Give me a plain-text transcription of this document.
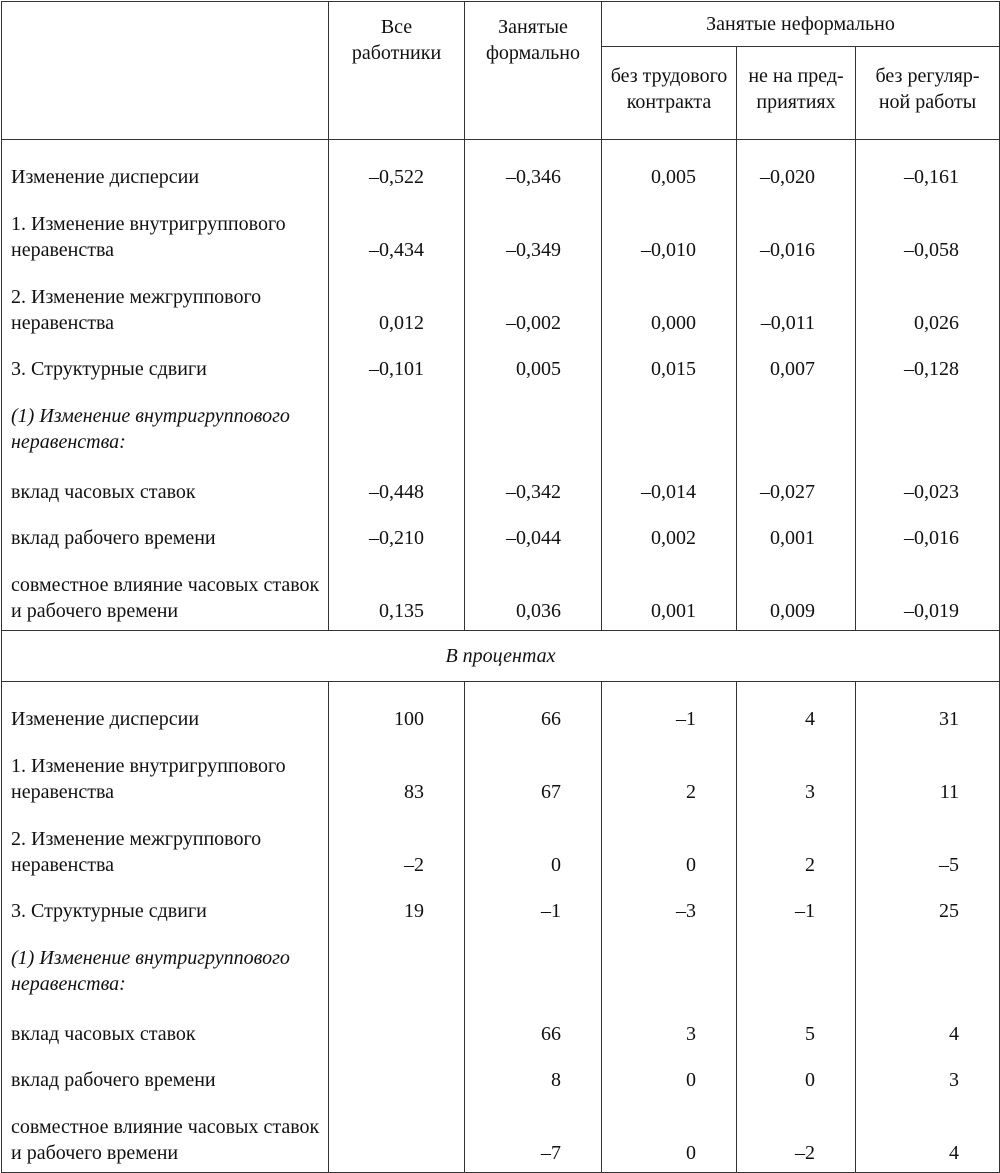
	Все работники	Занятые формально	Занятые неформально		
			без трудового контракта	не на пред-приятиях	без регуляр-ной работы
Изменение дисперсии	–0,522	–0,346	0,005	–0,020	–0,161
1. Изменение внутригруппового неравенства	–0,434	–0,349	–0,010	–0,016	–0,058
2. Изменение межгруппового неравенства	0,012	–0,002	0,000	–0,011	0,026
3. Структурные сдвиги	–0,101	0,005	0,015	0,007	–0,128
(1) Изменение внутригруппового неравенства:					
вклад часовых ставок	–0,448	–0,342	–0,014	–0,027	–0,023
вклад рабочего времени	–0,210	–0,044	0,002	0,001	–0,016
совместное влияние часовых ставок и рабочего времени	0,135	0,036	0,001	0,009	–0,019
В процентах					
Изменение дисперсии	100	66	–1	4	31
1. Изменение внутригруппового неравенства	83	67	2	3	11
2. Изменение межгруппового неравенства	–2	0	0	2	–5
3. Структурные сдвиги	19	–1	–3	–1	25
(1) Изменение внутригруппового неравенства:					
вклад часовых ставок		66	3	5	4
вклад рабочего времени		8	0	0	3
совместное влияние часовых ставок и рабочего времени		–7	0	–2	4
